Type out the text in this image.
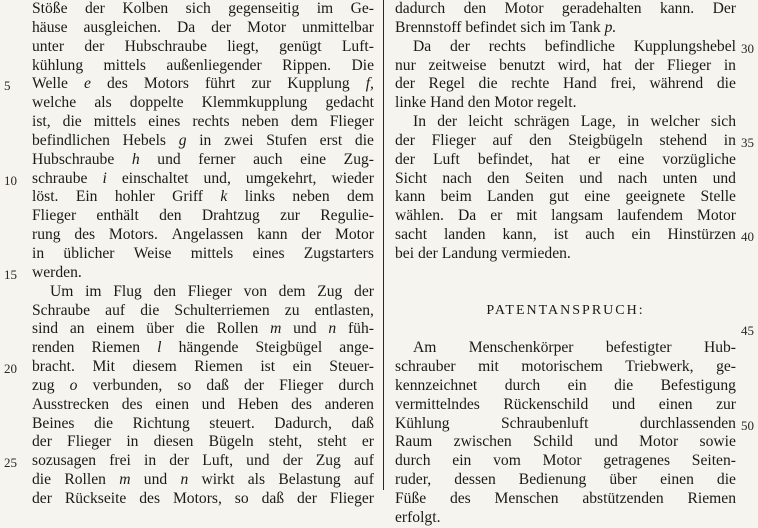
Stöße der Kolben sich gegenseitig im Ge-
häuse ausgleichen. Da der Motor unmittelbar
unter der Hubschraube liegt, genügt Luft-
kühlung mittels außenliegender Rippen. Die
Welle e des Motors führt zur Kupplung f,
welche als doppelte Klemmkupplung gedacht
ist, die mittels eines rechts neben dem Flieger
befindlichen Hebels g in zwei Stufen erst die
Hubschraube h und ferner auch eine Zug-
schraube i einschaltet und, umgekehrt, wieder
löst. Ein hohler Griff k links neben dem
Flieger enthält den Drahtzug zur Regulie-
rung des Motors. Angelassen kann der Motor
in üblicher Weise mittels eines Zugstarters
werden.
Um im Flug den Flieger von dem Zug der
Schraube auf die Schulterriemen zu entlasten,
sind an einem über die Rollen m und n füh-
renden Riemen l hängende Steigbügel ange-
bracht. Mit diesem Riemen ist ein Steuer-
zug o verbunden, so daß der Flieger durch
Ausstrecken des einen und Heben des anderen
Beines die Richtung steuert. Dadurch, daß
der Flieger in diesen Bügeln steht, steht er
sozusagen frei in der Luft, und der Zug auf
die Rollen m und n wirkt als Belastung auf
der Rückseite des Motors, so daß der Flieger
dadurch den Motor geradehalten kann. Der
Brennstoff befindet sich im Tank p.
Da der rechts befindliche Kupplungshebel
nur zeitweise benutzt wird, hat der Flieger in
der Regel die rechte Hand frei, während die
linke Hand den Motor regelt.
In der leicht schrägen Lage, in welcher sich
der Flieger auf den Steigbügeln stehend in
der Luft befindet, hat er eine vorzügliche
Sicht nach den Seiten und nach unten und
kann beim Landen gut eine geeignete Stelle
wählen. Da er mit langsam laufendem Motor
sacht landen kann, ist auch ein Hinstürzen
bei der Landung vermieden.
PATENTANSPRUCH:
Am Menschenkörper befestigter Hub-
schrauber mit motorischem Triebwerk, ge-
kennzeichnet durch ein die Befestigung
vermittelndes Rückenschild und einen zur
Kühlung	Schraubenluft	durchlassenden
Raum zwischen Schild und Motor sowie
durch ein vom Motor getragenes Seiten-
ruder, dessen Bedienung über einen die
Füße des Menschen abstützenden Riemen
erfolgt.
5
10
15
20
25
30
35
40
45
50
